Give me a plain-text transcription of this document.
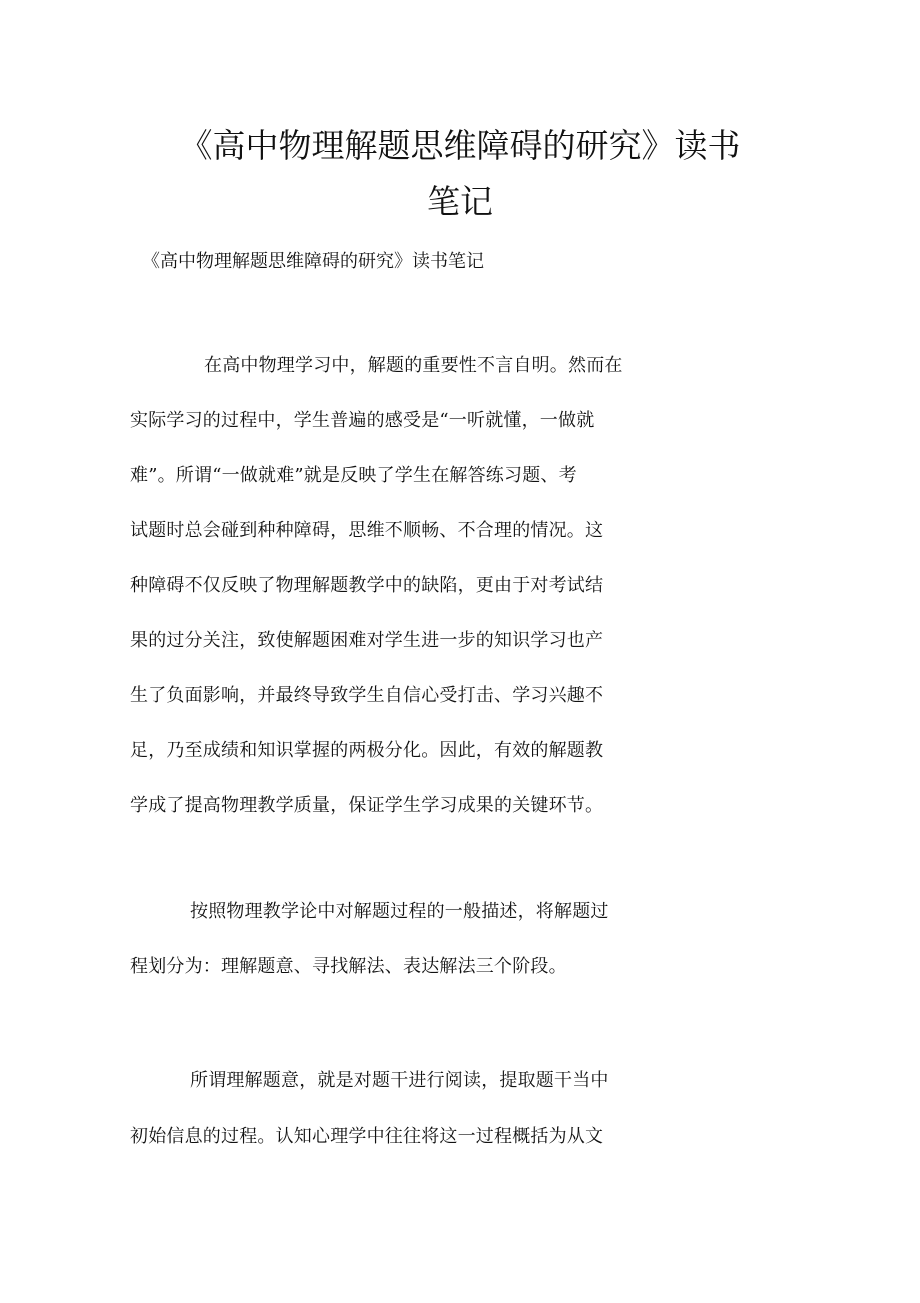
《高中物理解题思维障碍的研究》读书
笔记
《高中物理解题思维障碍的研究》读书笔记
在高中物理学习中，解题的重要性不言自明。然而在
实际学习的过程中，学生普遍的感受是“一听就懂，一做就
难”。所谓“一做就难”就是反映了学生在解答练习题、考
试题时总会碰到种种障碍，思维不顺畅、不合理的情况。这
种障碍不仅反映了物理解题教学中的缺陷，更由于对考试结
果的过分关注，致使解题困难对学生进一步的知识学习也产
生了负面影响，并最终导致学生自信心受打击、学习兴趣不
足，乃至成绩和知识掌握的两极分化。因此，有效的解题教
学成了提高物理教学质量，保证学生学习成果的关键环节。
按照物理教学论中对解题过程的一般描述，将解题过
程划分为：理解题意、寻找解法、表达解法三个阶段。
所谓理解题意，就是对题干进行阅读，提取题干当中
初始信息的过程。认知心理学中往往将这一过程概括为从文
